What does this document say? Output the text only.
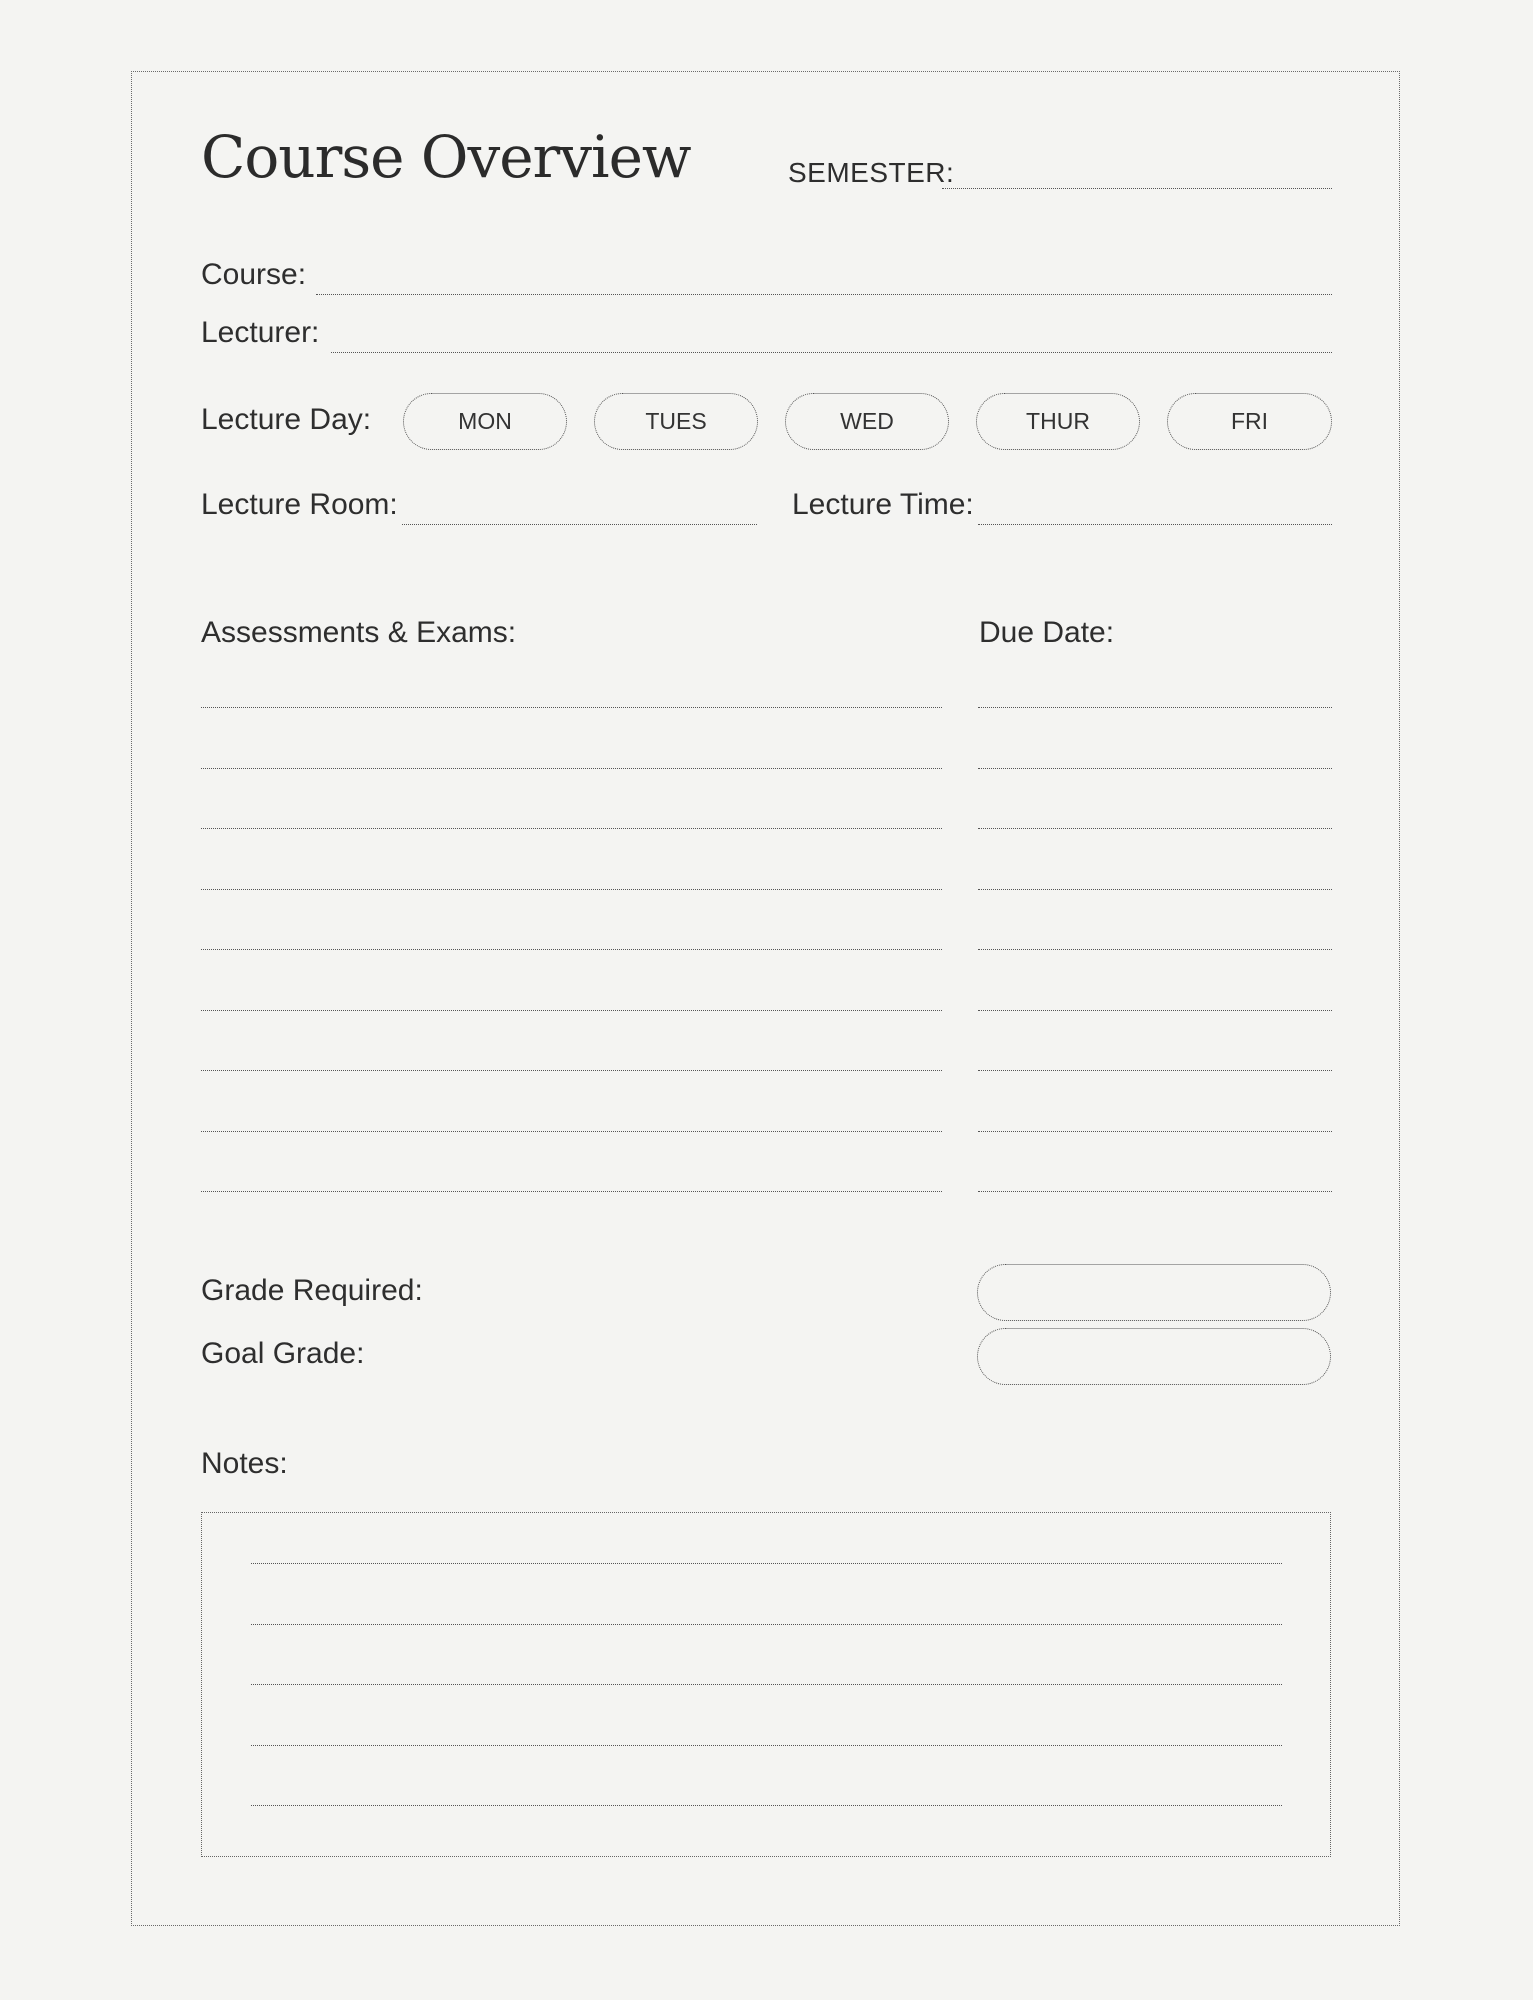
Course Overview	SEMESTER:
Course:
Lecturer:
Lecture Day:	MON	TUES	WED	THUR	FRI
Lecture Room:	Lecture Time:
Assessments & Exams:	Due Date:
Grade Required:
Goal Grade:
Notes:
